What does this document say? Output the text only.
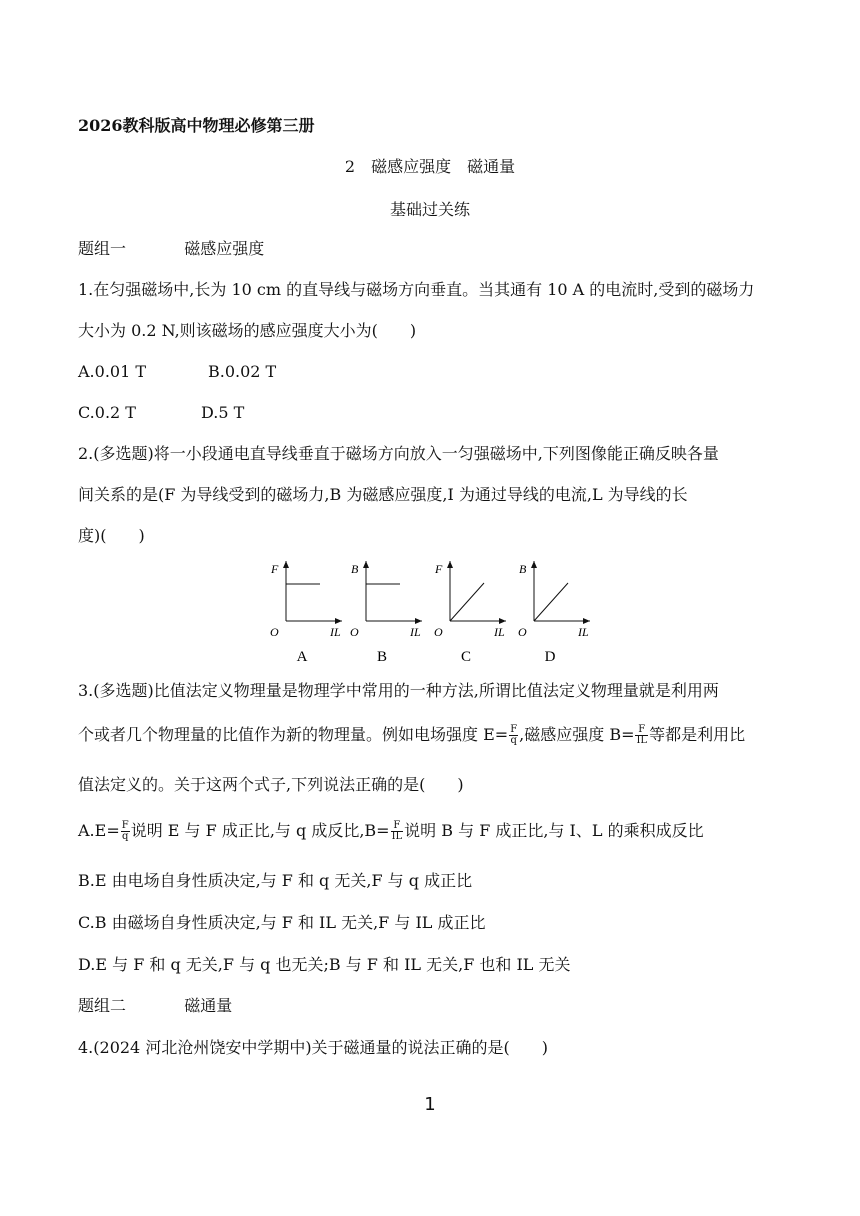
2026教科版高中物理必修第三册
2　磁感应强度　磁通量
基础过关练
题组一	磁感应强度
1.在匀强磁场中,长为 10 cm 的直导线与磁场方向垂直。当其通有 10 A 的电流时,受到的磁场力
大小为 0.2 N,则该磁场的感应强度大小为(　　)
A.0.01 T	B.0.02 T
C.0.2 T	D.5 T
2.(多选题)将一小段通电直导线垂直于磁场方向放入一匀强磁场中,下列图像能正确反映各量
间关系的是(F 为导线受到的磁场力,B 为磁感应强度,I 为通过导线的电流,L 为导线的长
度)(　　)
F
IL
O
A
B
IL
O
B
F
IL
O
C
B
IL
O
D
3.(多选题)比值法定义物理量是物理学中常用的一种方法,所谓比值法定义物理量就是利用两
个或者几个物理量的比值作为新的物理量。例如电场强度 $E= \frac{F}{q}$ ,磁感应强度 $B= \frac{F}{IL}$ 等都是利用比
值法定义的。关于这两个式子,下列说法正确的是(　　)
$A.E= \frac{F}{q}$ 说明 E 与 F 成正比,与 q 成反比$,B= \frac{F}{IL}$ 说明 B 与 F 成正比,与 I、L 的乘积成反比
B.E 由电场自身性质决定,与 F 和 q 无关,F 与 q 成正比
C.B 由磁场自身性质决定,与 F 和 IL 无关,F 与 IL 成正比
D.E 与 F 和 q 无关,F 与 q 也无关;B 与 F 和 IL 无关,F 也和 IL 无关
题组二	磁通量
4.(2024 河北沧州饶安中学期中)关于磁通量的说法正确的是(　　)
1
